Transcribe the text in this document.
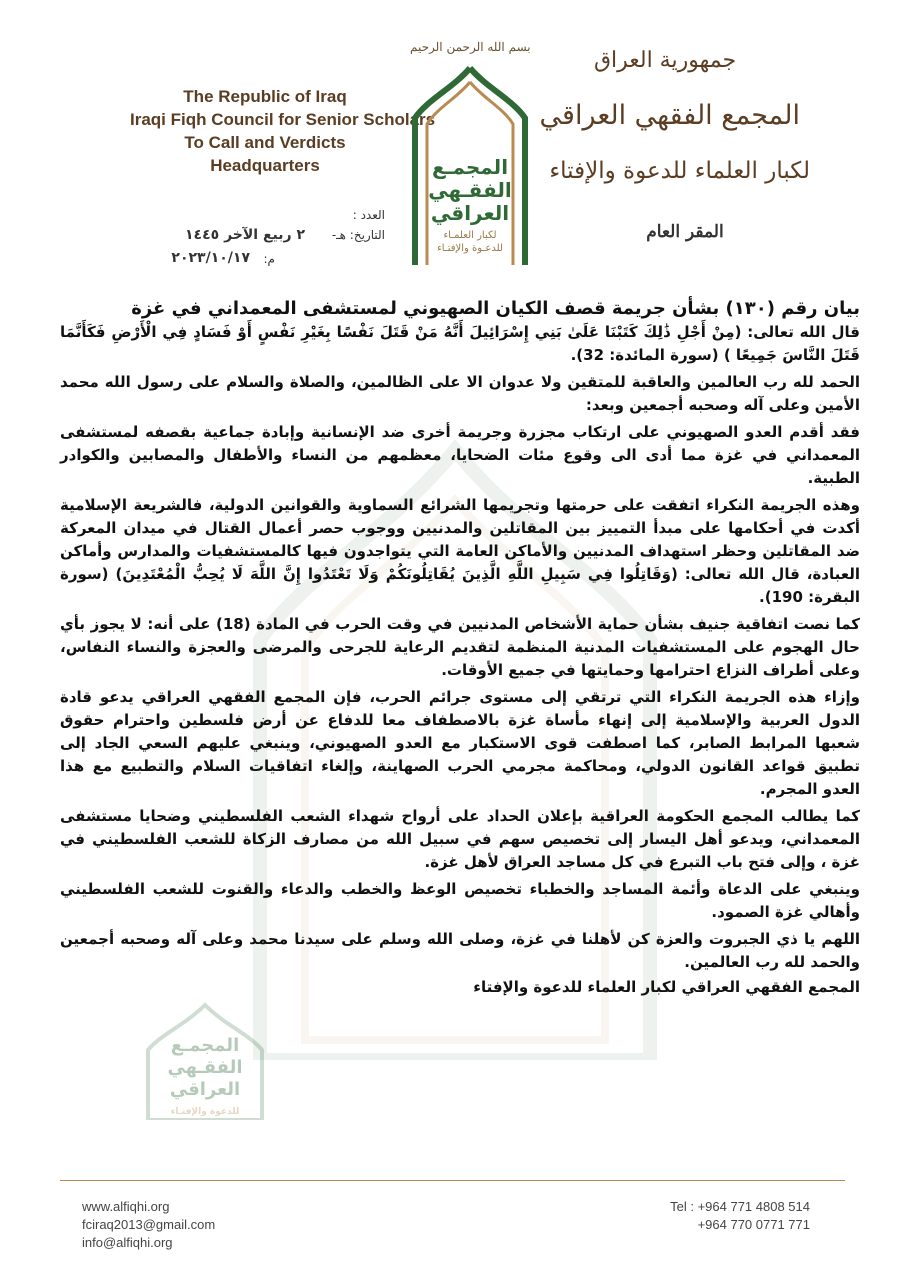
المجمـع
الفقـهي
العراقي
للدعوة والإفتـاء
The Republic of Iraq
Iraqi Fiqh Council for Senior Scholars
To Call and Verdicts
Headquarters
بسم الله الرحمن الرحيم
المجمـع
الفقـهي
العراقي
لكبار العلمـاء
للدعـوة والإفتـاء
جمهورية العراق
المجمع الفقهي العراقي
لكبار العلماء للدعوة والإفتاء
المقر العام
العدد :
التاريخ: هـ-
٢ ربيع الآخر ١٤٤٥
م:
٢٠٢٣/١٠/١٧
بيان رقم (١٣٠) بشأن جريمة قصف الكيان الصهيوني لمستشفى المعمداني في غزة

قال الله تعالى: (مِنْ أَجْلِ ذَٰلِكَ كَتَبْنَا عَلَىٰ بَنِي إِسْرَائِيلَ أَنَّهُ مَنْ قَتَلَ نَفْسًا بِغَيْرِ نَفْسٍ أَوْ فَسَادٍ فِي الْأَرْضِ فَكَأَنَّمَا قَتَلَ النَّاسَ جَمِيعًا ) (سورة المائدة: 32).

الحمد لله رب العالمين والعاقبة للمتقين ولا عدوان الا على الظالمين، والصلاة والسلام على رسول الله محمد الأمين وعلى آله وصحبه أجمعين وبعد:

فقد أقدم العدو الصهيوني على ارتكاب مجزرة وجريمة أخرى ضد الإنسانية وإبادة جماعية بقصفه لمستشفى المعمداني في غزة مما أدى الى وقوع مئات الضحايا، معظمهم من النساء والأطفال والمصابين والكوادر الطبية.

وهذه الجريمة النكراء اتفقت على حرمتها وتجريمها الشرائع السماوية والقوانين الدولية، فالشريعة الإسلامية أكدت في أحكامها على مبدأ التمييز بين المقاتلين والمدنيين ووجوب حصر أعمال القتال في ميدان المعركة ضد المقاتلين وحظر استهداف المدنيين والأماكن العامة التي يتواجدون فيها كالمستشفيات والمدارس وأماكن العبادة، قال الله تعالى: (وَقَاتِلُوا فِي سَبِيلِ اللَّهِ الَّذِينَ يُقَاتِلُونَكُمْ وَلَا تَعْتَدُوا إِنَّ اللَّهَ لَا يُحِبُّ الْمُعْتَدِينَ) (سورة البقرة: 190).

كما نصت اتفاقية جنيف بشأن حماية الأشخاص المدنيين في وقت الحرب في المادة (18) على أنه: لا يجوز بأي حال الهجوم على المستشفيات المدنية المنظمة لتقديم الرعاية للجرحى والمرضى والعجزة والنساء النفاس، وعلى أطراف النزاع احترامها وحمايتها في جميع الأوقات.

وإزاء هذه الجريمة النكراء التي ترتقي إلى مستوى جرائم الحرب، فإن المجمع الفقهي العراقي يدعو قادة الدول العربية والإسلامية إلى إنهاء مأساة غزة بالاصطفاف معا للدفاع عن أرض فلسطين واحترام حقوق شعبها المرابط الصابر، كما اصطفت قوى الاستكبار مع العدو الصهيوني، وينبغي عليهم السعي الجاد إلى تطبيق قواعد القانون الدولي، ومحاكمة مجرمي الحرب الصهاينة، وإلغاء اتفاقيات السلام والتطبيع مع هذا العدو المجرم.

كما يطالب المجمع الحكومة العراقية بإعلان الحداد على أرواح شهداء الشعب الفلسطيني وضحايا مستشفى المعمداني، ويدعو أهل اليسار إلى تخصيص سهم في سبيل الله من مصارف الزكاة للشعب الفلسطيني في غزة ، وإلى فتح باب التبرع في كل مساجد العراق لأهل غزة.

وينبغي على الدعاة وأئمة المساجد والخطباء تخصيص الوعظ والخطب والدعاء والقنوت للشعب الفلسطيني وأهالي غزة الصمود.

اللهم يا ذي الجبروت والعزة كن لأهلنا في غزة، وصلى الله وسلم على سيدنا محمد وعلى آله وصحبه أجمعين والحمد لله رب العالمين.

المجمع الفقهي العراقي لكبار العلماء للدعوة والإفتاء
www.alfiqhi.org
fciraq2013@gmail.com
info@alfiqhi.org
Tel : +964 771 4808 514
+964 770 0771 771
